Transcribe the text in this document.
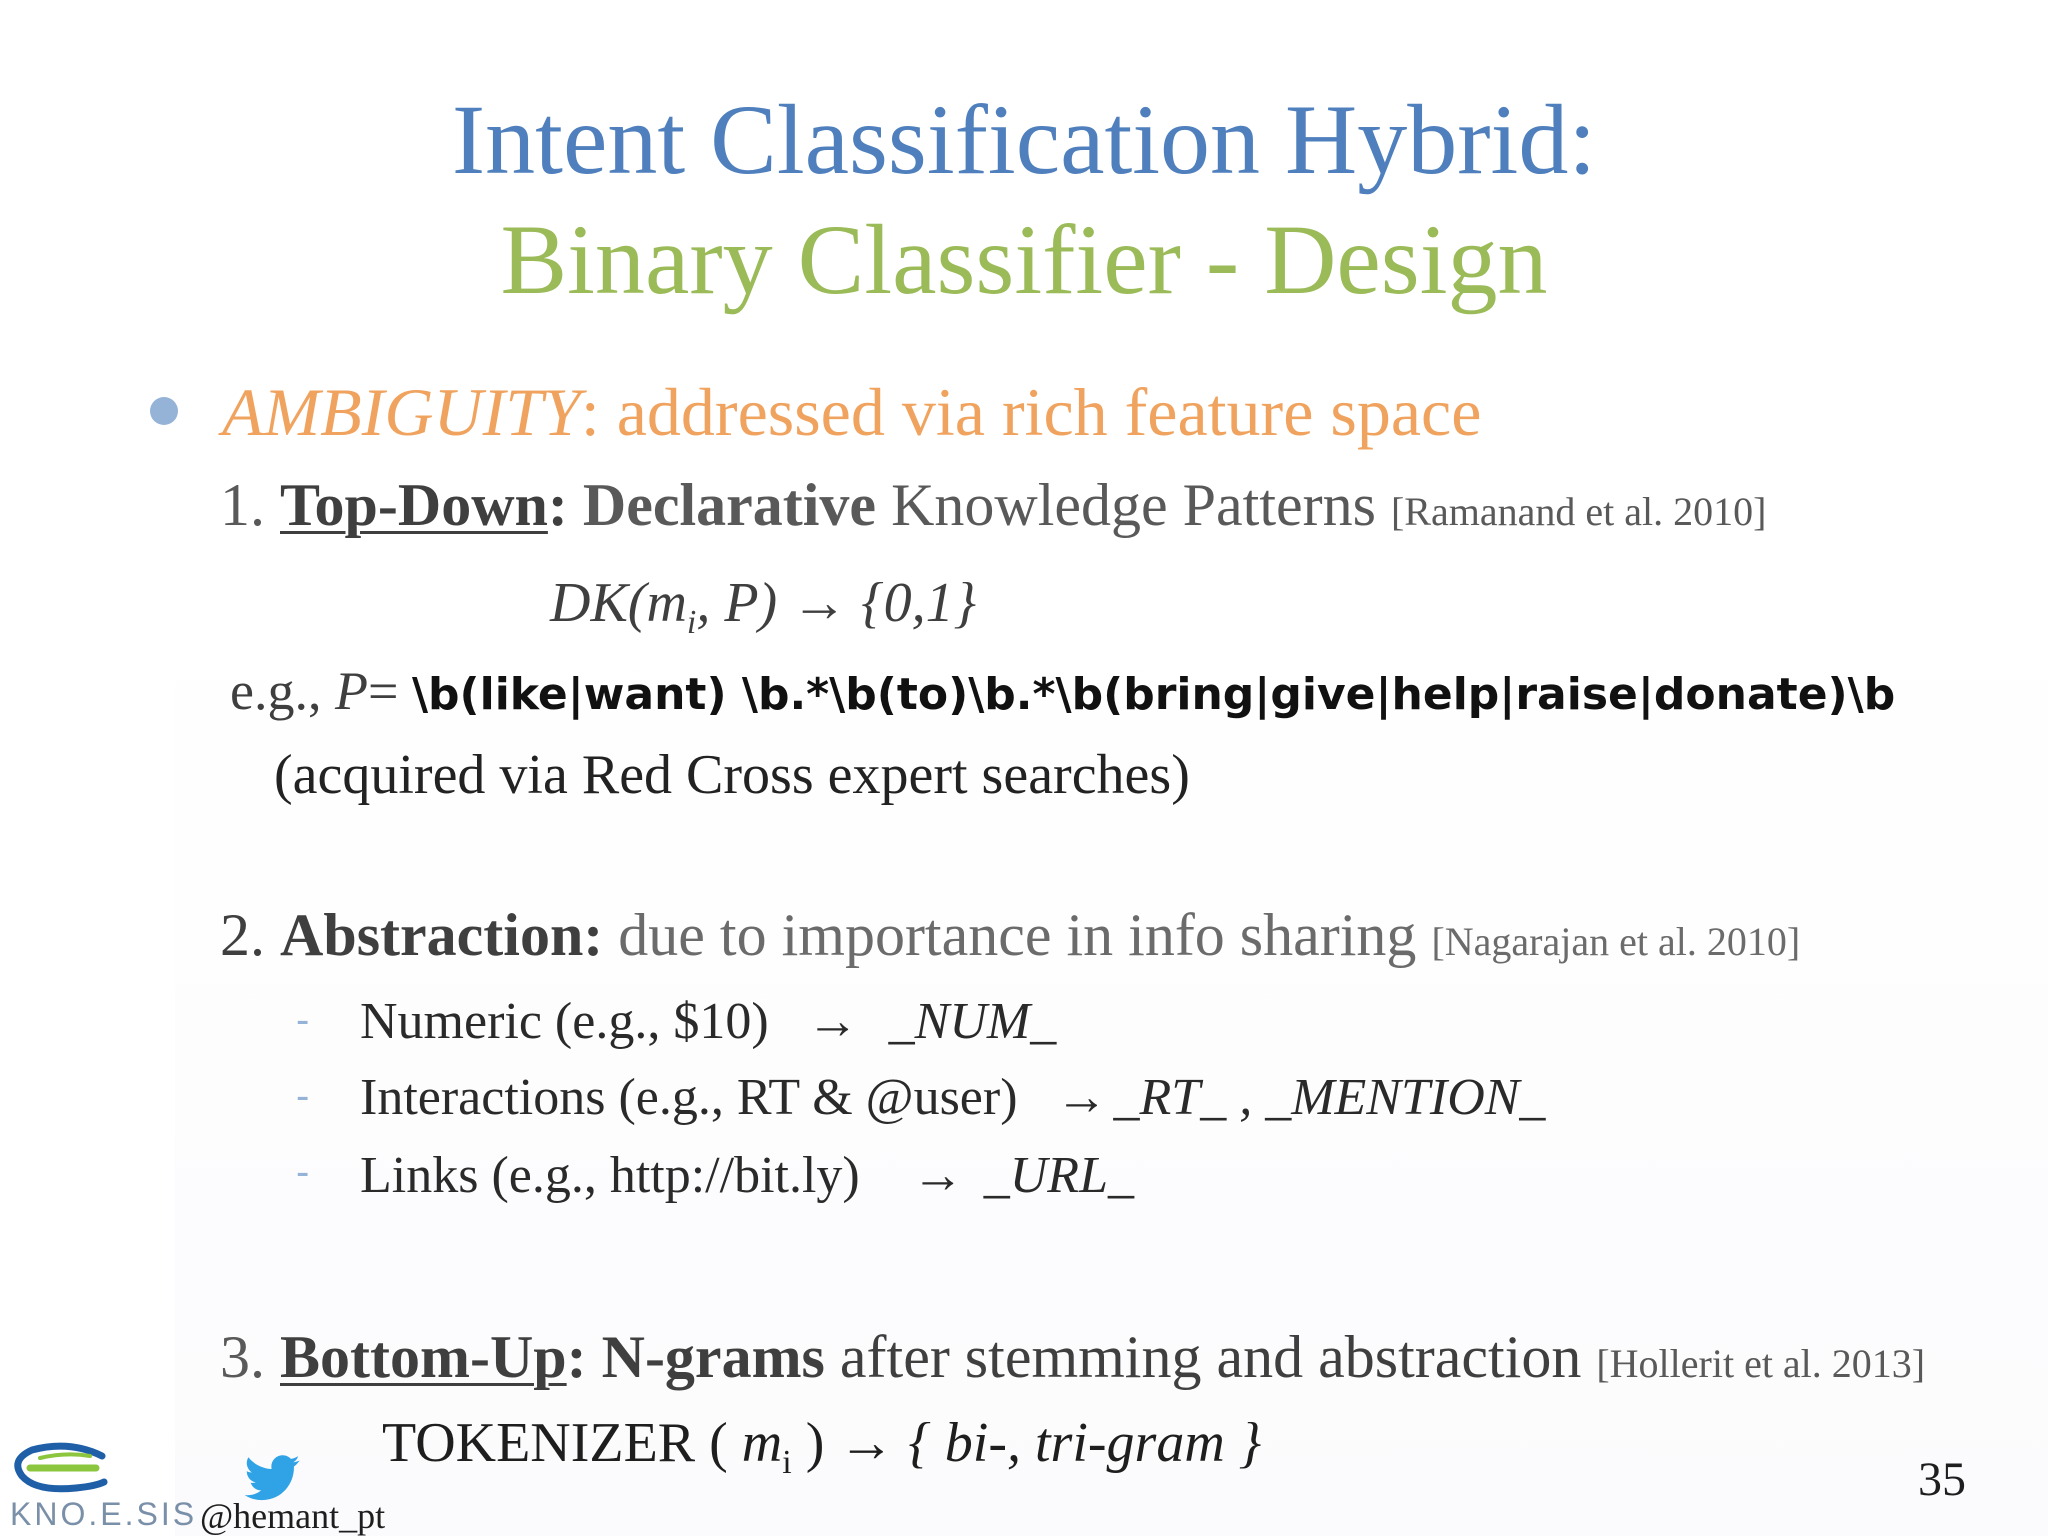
Intent Classification Hybrid:
Binary Classifier - Design
AMBIGUITY: addressed via rich feature space
1. Top-Down: Declarative Knowledge Patterns [Ramanand et al. 2010]
$DK(m_i$, P) → {0,1}
e.g., P= \b(like|want) \b.*\b(to)\b.*\b(bring|give|help|raise|donate)\b
(acquired via Red Cross expert searches)
2. Abstraction: due to importance in info sharing [Nagarajan et al. 2010]
- Numeric (e.g., $10) → _NUM_
- Interactions (e.g., RT & @user) → _RT_ , _MENTION_
- Links (e.g., http://bit.ly) → _URL_
3. Bottom-Up: N-grams after stemming and abstraction [Hollerit et al. 2013]
TOKENIZER ( $m_i$ ) → { bi-, tri-gram }
35
KNO.E.SIS @hemant_pt
